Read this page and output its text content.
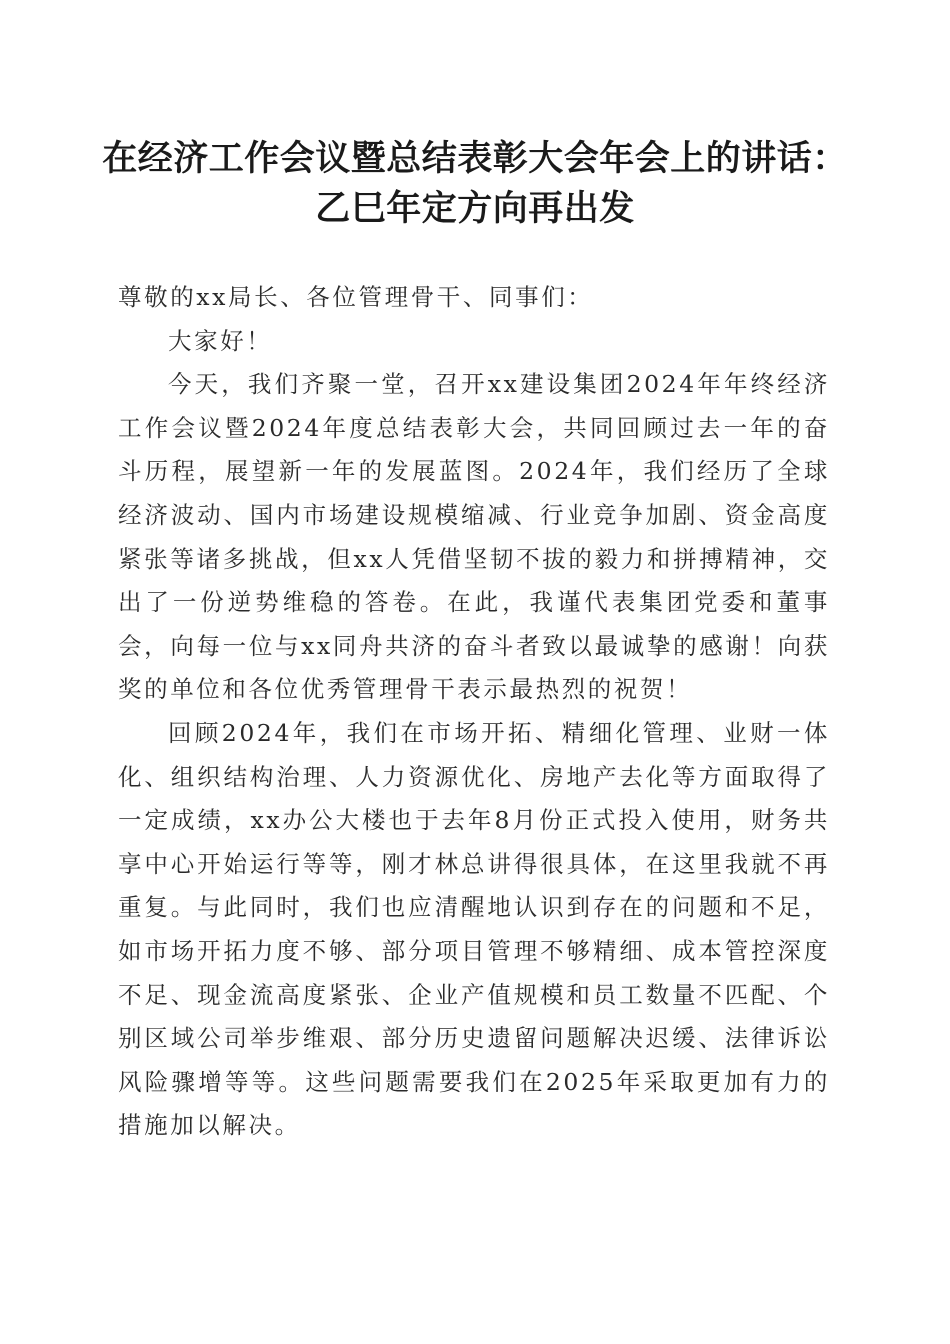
在经济工作会议暨总结表彰大会年会上的讲话：
乙巳年定方向再出发

尊敬的xx局长、各位管理骨干、同事们：

大家好！

今天，我们齐聚一堂，召开xx建设集团2024年年终经济工作会议暨2024年度总结表彰大会，共同回顾过去一年的奋斗历程，展望新一年的发展蓝图。2024年，我们经历了全球经济波动、国内市场建设规模缩减、行业竞争加剧、资金高度紧张等诸多挑战，但xx人凭借坚韧不拔的毅力和拼搏精神，交出了一份逆势维稳的答卷。在此，我谨代表集团党委和董事会，向每一位与xx同舟共济的奋斗者致以最诚挚的感谢！向获奖的单位和各位优秀管理骨干表示最热烈的祝贺！

回顾2024年，我们在市场开拓、精细化管理、业财一体化、组织结构治理、人力资源优化、房地产去化等方面取得了一定成绩，xx办公大楼也于去年8月份正式投入使用，财务共享中心开始运行等等，刚才林总讲得很具体，在这里我就不再重复。与此同时，我们也应清醒地认识到存在的问题和不足，如市场开拓力度不够、部分项目管理不够精细、成本管控深度不足、现金流高度紧张、企业产值规模和员工数量不匹配、个别区域公司举步维艰、部分历史遗留问题解决迟缓、法律诉讼风险骤增等等。这些问题需要我们在2025年采取更加有力的措施加以解决。
